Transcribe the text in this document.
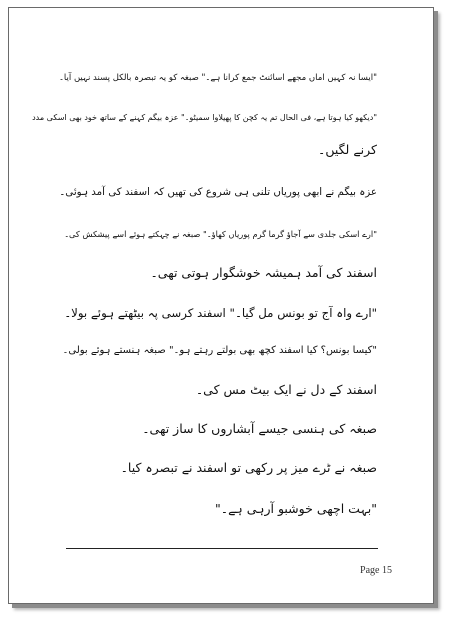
"ایسا نہ کہیں اماں مجھے اسائنٹ جمع کرانا ہے۔" صبغہ کو یہ تبصرہ بالکل پسند نہیں آیا۔

"دیکھو کیا ہوتا ہے، فی الحال تم یہ کچن کا پھیلاوا سمیٹو۔" عزہ بیگم کہنے کے ساتھ خود بھی اسکی مدد

کرنے لگیں۔

عزہ بیگم نے ابھی پوریاں تلنی ہی شروع کی تھیں کہ اسفند کی آمد ہوئی۔

"ارے اسکی جلدی سے آجاؤ گرما گرم پوریاں کھاؤ۔" صبغہ نے چہکتے ہوئے اسے پیشکش کی۔

اسفند کی آمد ہمیشہ خوشگوار ہوتی تھی۔

"ارے واہ آج تو بونس مل گیا۔" اسفند کرسی پہ بیٹھتے ہوئے بولا۔

"کیسا بونس؟ کیا اسفند کچھ بھی بولتے رہتے ہو۔" صبغہ ہنستے ہوئے بولی۔

اسفند کے دل نے ایک بیٹ مس کی۔

صبغہ کی ہنسی جیسے آبشاروں کا ساز تھی۔

صبغہ نے ٹرے میز پر رکھی تو اسفند نے تبصرہ کیا۔

"بہت اچھی خوشبو آرہی ہے۔"

Page 15
